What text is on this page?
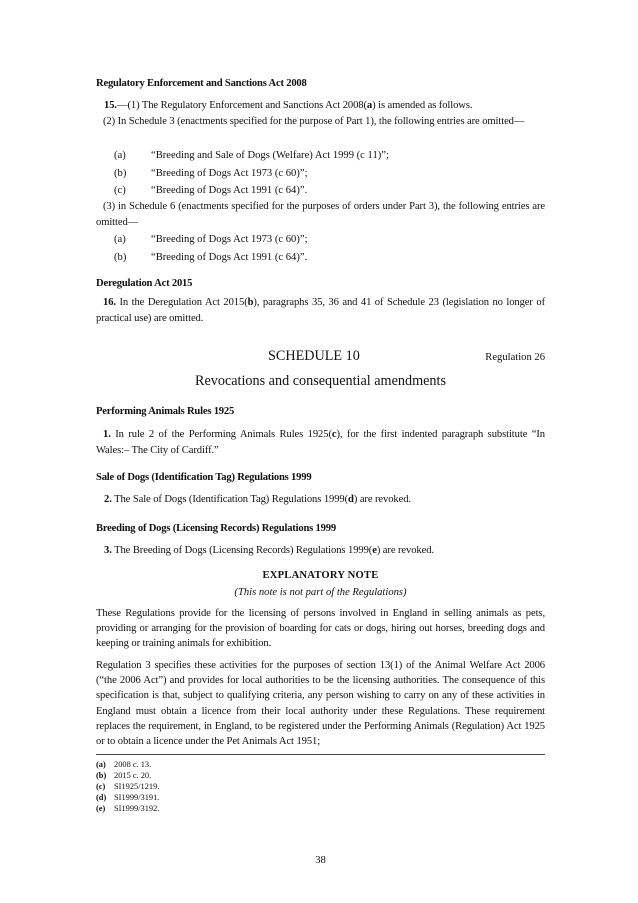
Regulatory Enforcement and Sanctions Act 2008
15.—(1) The Regulatory Enforcement and Sanctions Act 2008(a) is amended as follows.
(2) In Schedule 3 (enactments specified for the purpose of Part 1), the following entries are omitted—
(a) “Breeding and Sale of Dogs (Welfare) Act 1999 (c 11)”;
(b) “Breeding of Dogs Act 1973 (c 60)”;
(c) “Breeding of Dogs Act 1991 (c 64)”.
(3) in Schedule 6 (enactments specified for the purposes of orders under Part 3), the following entries are omitted—
(a) “Breeding of Dogs Act 1973 (c 60)”;
(b) “Breeding of Dogs Act 1991 (c 64)”.
Deregulation Act 2015
16. In the Deregulation Act 2015(b), paragraphs 35, 36 and 41 of Schedule 23 (legislation no longer of practical use) are omitted.
SCHEDULE 10	Regulation 26
Revocations and consequential amendments
Performing Animals Rules 1925
1. In rule 2 of the Performing Animals Rules 1925(c), for the first indented paragraph substitute “In Wales:– The City of Cardiff.”
Sale of Dogs (Identification Tag) Regulations 1999
2. The Sale of Dogs (Identification Tag) Regulations 1999(d) are revoked.
Breeding of Dogs (Licensing Records) Regulations 1999
3. The Breeding of Dogs (Licensing Records) Regulations 1999(e) are revoked.
EXPLANATORY NOTE
(This note is not part of the Regulations)
These Regulations provide for the licensing of persons involved in England in selling animals as pets, providing or arranging for the provision of boarding for cats or dogs, hiring out horses, breeding dogs and keeping or training animals for exhibition.
Regulation 3 specifies these activities for the purposes of section 13(1) of the Animal Welfare Act 2006 (“the 2006 Act”) and provides for local authorities to be the licensing authorities. The consequence of this specification is that, subject to qualifying criteria, any person wishing to carry on any of these activities in England must obtain a licence from their local authority under these Regulations. These requirement replaces the requirement, in England, to be registered under the Performing Animals (Regulation) Act 1925 or to obtain a licence under the Pet Animals Act 1951;
(a) 2008 c. 13.
(b) 2015 c. 20.
(c) SI1925/1219.
(d) SI1999/3191.
(e) SI1999/3192.
38
